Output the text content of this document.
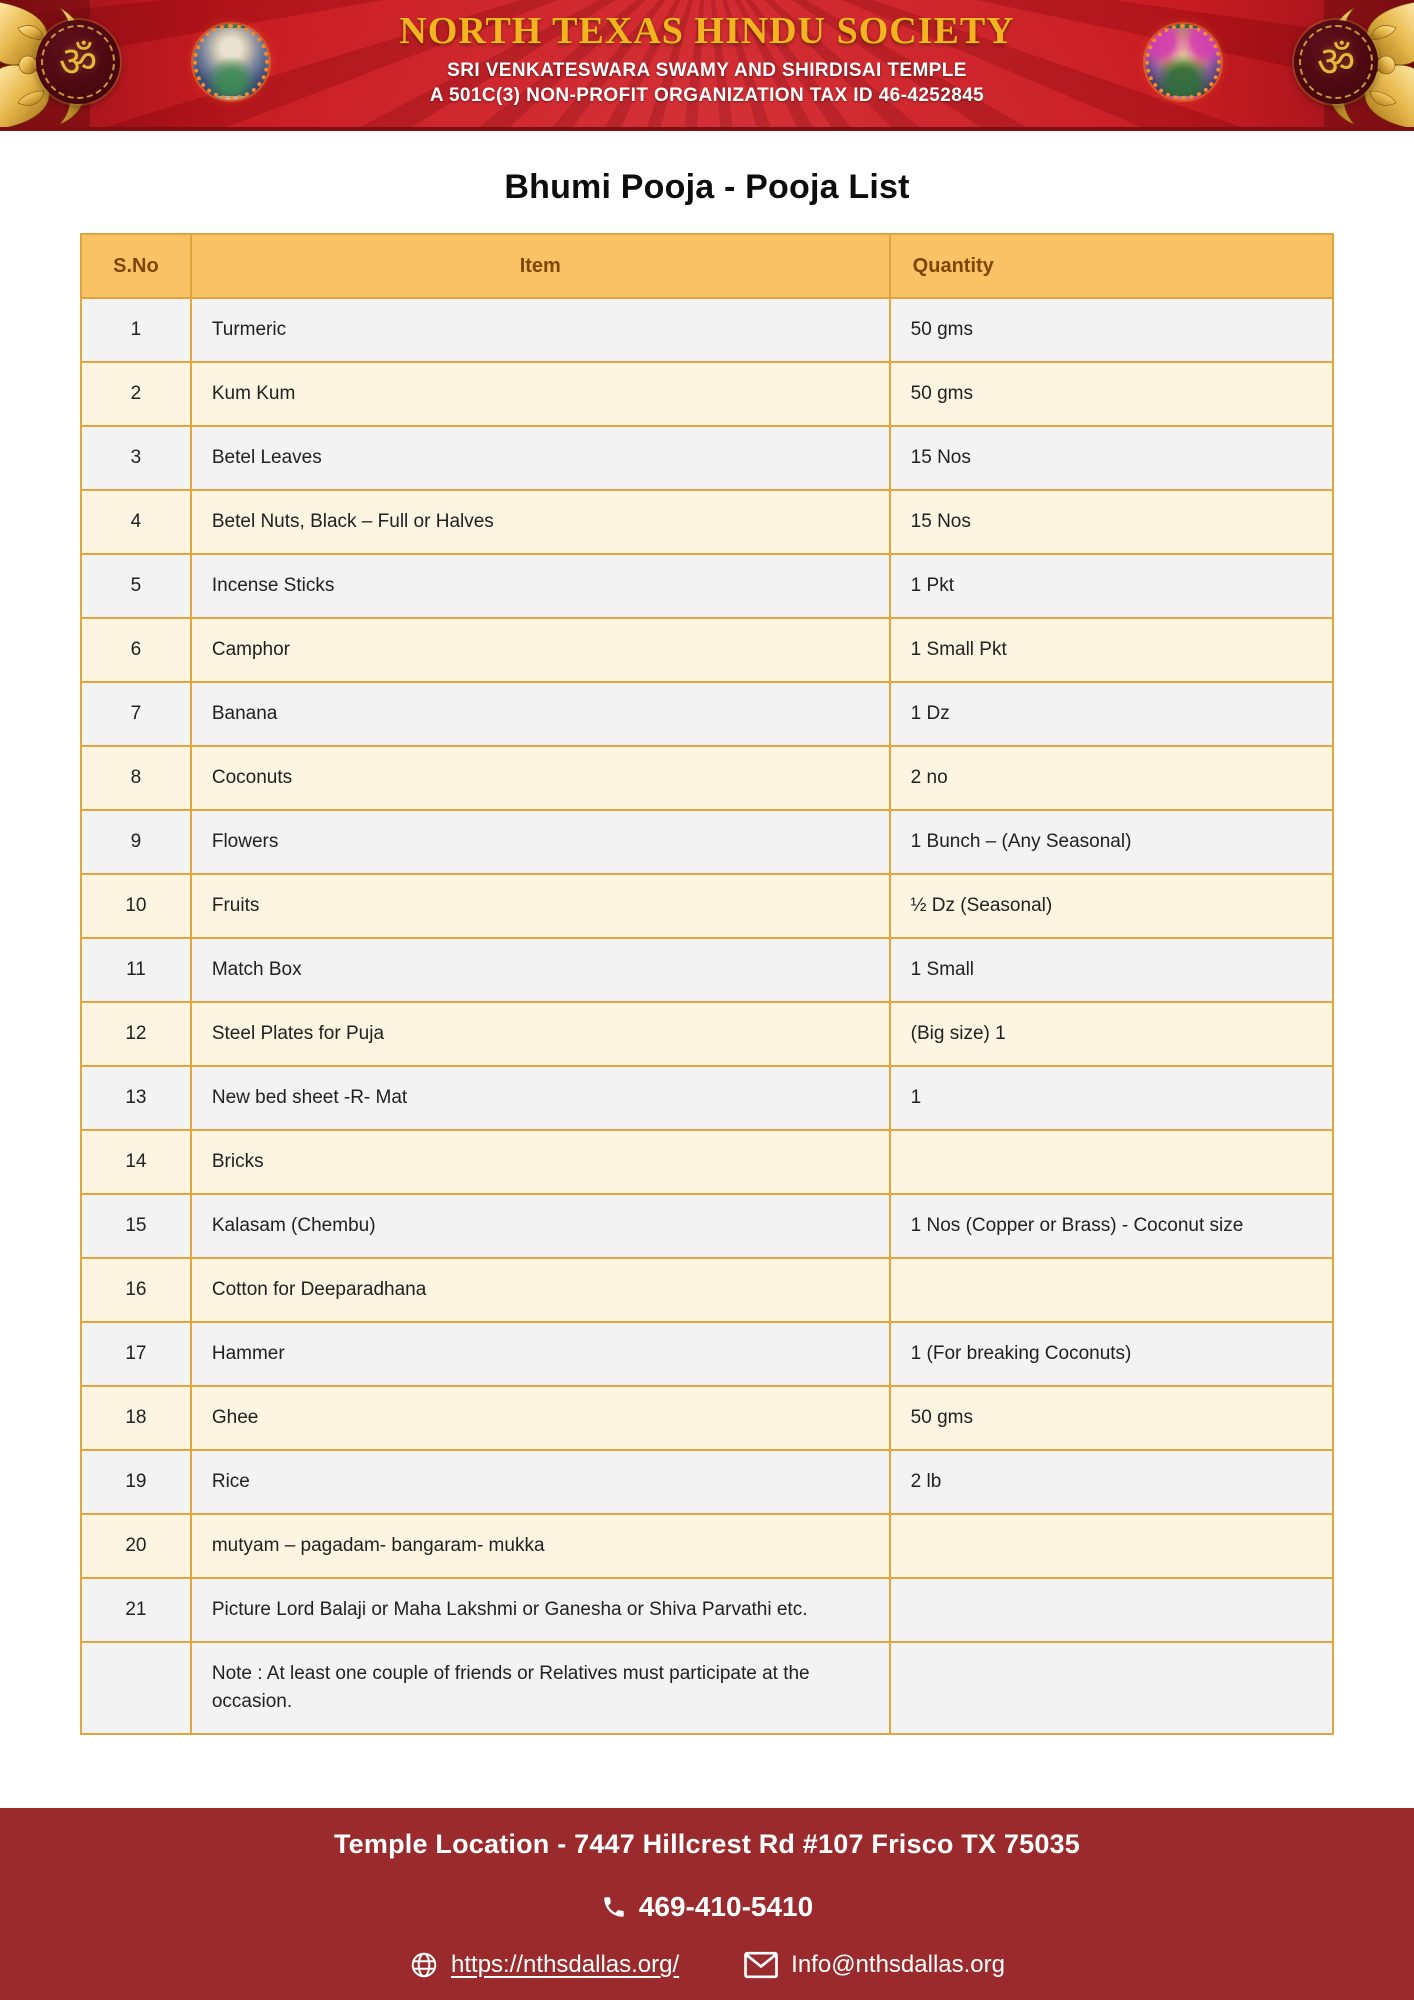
ॐ	ॐ
NORTH TEXAS HINDU SOCIETY
SRI VENKATESWARA SWAMY AND SHIRDISAI TEMPLE
A 501C(3) NON-PROFIT ORGANIZATION TAX ID 46-4252845
Bhumi Pooja - Pooja List
S.No	Item	Quantity
1	Turmeric	50 gms
2	Kum Kum	50 gms
3	Betel Leaves	15 Nos
4	Betel Nuts, Black – Full or Halves	15 Nos
5	Incense Sticks	1 Pkt
6	Camphor	1 Small Pkt
7	Banana	1 Dz
8	Coconuts	2 no
9	Flowers	1 Bunch – (Any Seasonal)
10	Fruits	½ Dz (Seasonal)
11	Match Box	1 Small
12	Steel Plates for Puja	(Big size) 1
13	New bed sheet -R- Mat	1
14	Bricks	
15	Kalasam (Chembu)	1 Nos (Copper or Brass) - Coconut size
16	Cotton for Deeparadhana	
17	Hammer	1 (For breaking Coconuts)
18	Ghee	50 gms
19	Rice	2 lb
20	mutyam – pagadam- bangaram- mukka	
21	Picture Lord Balaji or Maha Lakshmi or Ganesha or Shiva Parvathi etc.	
	Note : At least one couple of friends or Relatives must participate at the occasion.	
Temple Location - 7447 Hillcrest Rd #107 Frisco TX 75035
469-410-5410
https://nthsdallas.org/	Info@nthsdallas.org
